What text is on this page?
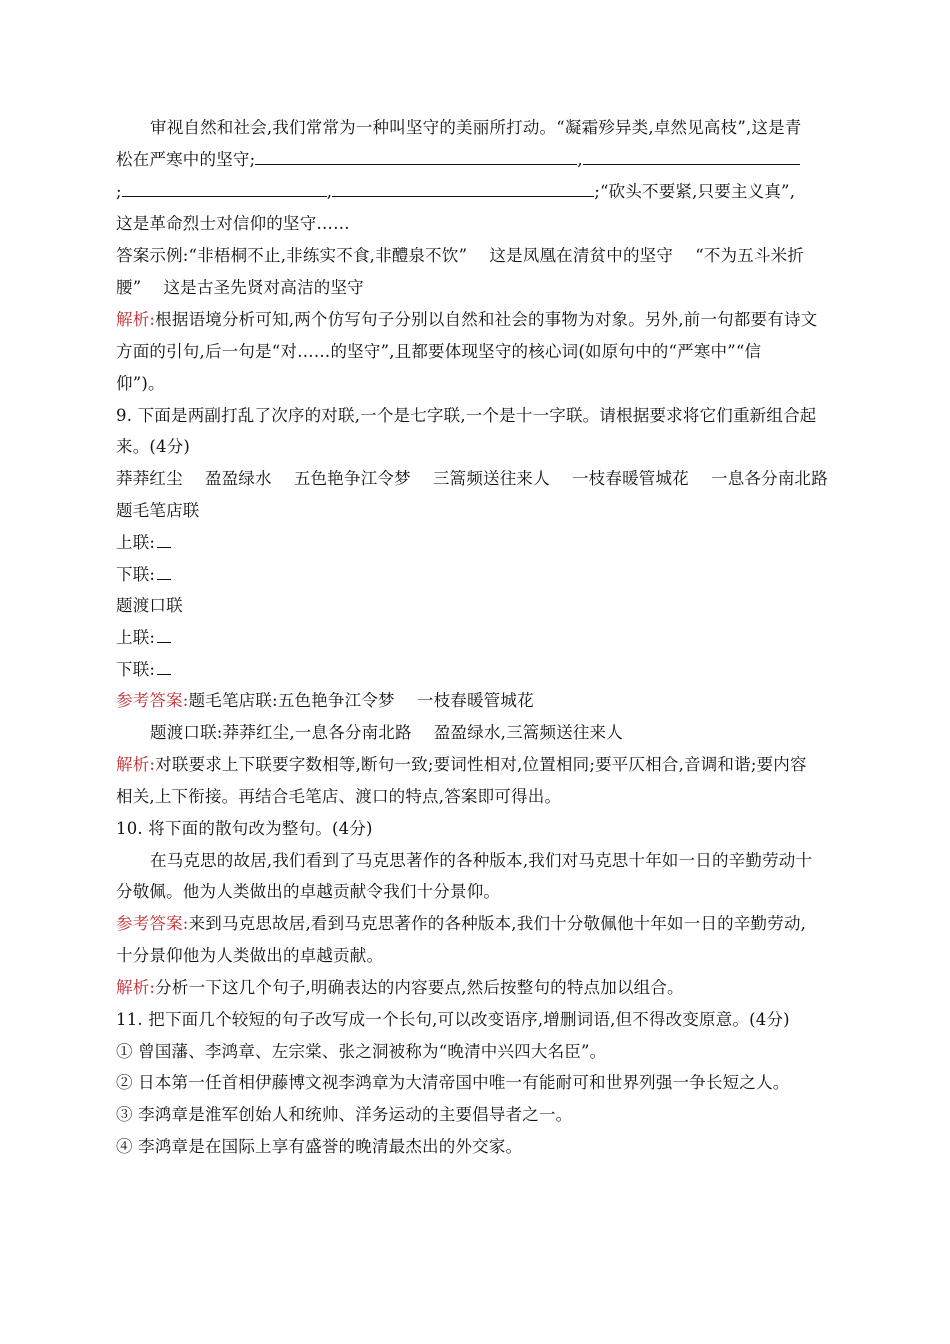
审视自然和社会,我们常常为一种叫坚守的美丽所打动。“凝霜殄异类,卓然见高枝”,这是青
松在严寒中的坚守;	,
;	,	;“砍头不要紧,只要主义真”,
这是革命烈士对信仰的坚守……
答案示例:“非梧桐不止,非练实不食,非醴泉不饮”　 这是凤凰在清贫中的坚守　 “不为五斗米折
腰”　 这是古圣先贤对高洁的坚守
解析:根据语境分析可知,两个仿写句子分别以自然和社会的事物为对象。另外,前一句都要有诗文
方面的引句,后一句是“对……的坚守”,且都要体现坚守的核心词(如原句中的“严寒中”“信
仰”)。
9. 下面是两副打乱了次序的对联,一个是七字联,一个是十一字联。请根据要求将它们重新组合起
来。(4分)
莽莽红尘　 盈盈绿水　 五色艳争江令梦　 三篙频送往来人　 一枝春暖管城花　 一息各分南北路
题毛笔店联
上联:
下联:
题渡口联
上联:
下联:
参考答案:题毛笔店联:五色艳争江令梦　 一枝春暖管城花
题渡口联:莽莽红尘,一息各分南北路　 盈盈绿水,三篙频送往来人
解析:对联要求上下联要字数相等,断句一致;要词性相对,位置相同;要平仄相合,音调和谐;要内容
相关,上下衔接。再结合毛笔店、渡口的特点,答案即可得出。
10. 将下面的散句改为整句。(4分)
在马克思的故居,我们看到了马克思著作的各种版本,我们对马克思十年如一日的辛勤劳动十
分敬佩。他为人类做出的卓越贡献令我们十分景仰。
参考答案:来到马克思故居,看到马克思著作的各种版本,我们十分敬佩他十年如一日的辛勤劳动,
十分景仰他为人类做出的卓越贡献。
解析:分析一下这几个句子,明确表达的内容要点,然后按整句的特点加以组合。
11. 把下面几个较短的句子改写成一个长句,可以改变语序,增删词语,但不得改变原意。(4分)
① 曾国藩、李鸿章、左宗棠、张之洞被称为“晚清中兴四大名臣”。
② 日本第一任首相伊藤博文视李鸿章为大清帝国中唯一有能耐可和世界列强一争长短之人。
③ 李鸿章是淮军创始人和统帅、洋务运动的主要倡导者之一。
④ 李鸿章是在国际上享有盛誉的晚清最杰出的外交家。
